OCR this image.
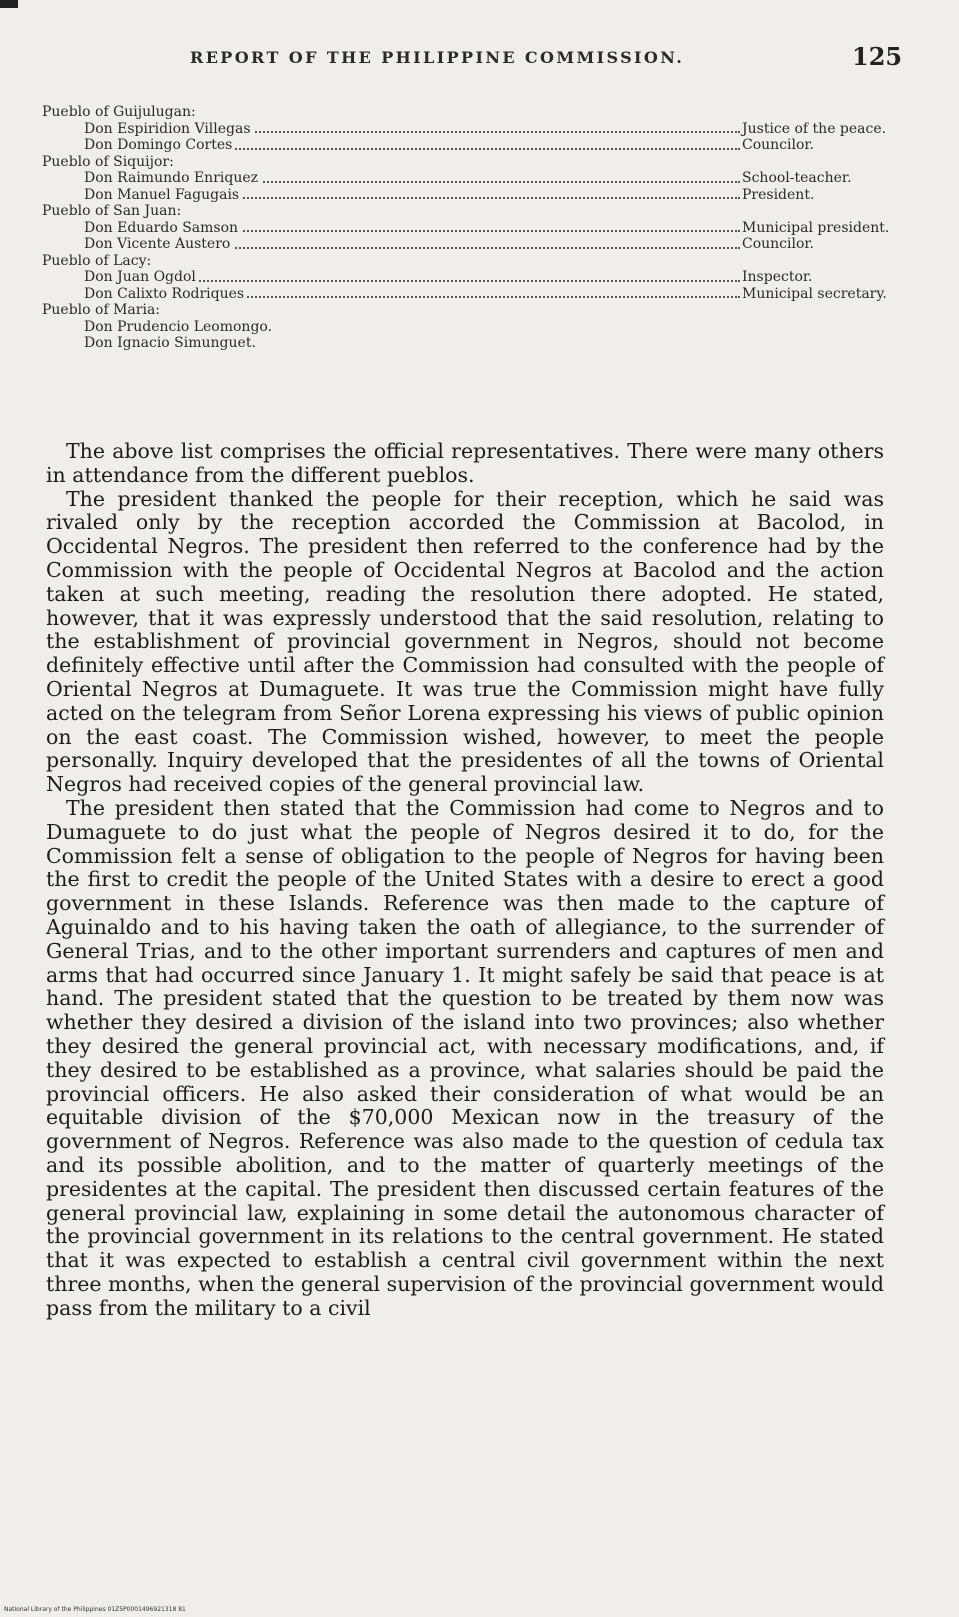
REPORT OF THE PHILIPPINE COMMISSION.	125
Pueblo of Guijulugan:
Don Espiridion Villegas	Justice of the peace.
Don Domingo Cortes	Councilor.
Pueblo of Siquijor:
Don Raimundo Enriquez	School-teacher.
Don Manuel Fagugais	President.
Pueblo of San Juan:
Don Eduardo Samson	Municipal president.
Don Vicente Austero	Councilor.
Pueblo of Lacy:
Don Juan Ogdol	Inspector.
Don Calixto Rodriques	Municipal secretary.
Pueblo of Maria:
Don Prudencio Leomongo.
Don Ignacio Simunguet.

The above list comprises the official representatives. There were many others in attendance from the different pueblos.

The president thanked the people for their reception, which he said was rivaled only by the reception accorded the Commission at Bacolod, in Occidental Negros. The president then referred to the conference had by the Commission with the people of Occidental Negros at Bacolod and the action taken at such meeting, reading the resolution there adopted. He stated, however, that it was expressly understood that the said resolution, relating to the establishment of provincial government in Negros, should not become definitely effective until after the Commission had consulted with the people of Oriental Negros at Dumaguete. It was true the Commission might have fully acted on the telegram from Señor Lorena expressing his views of public opinion on the east coast. The Commission wished, however, to meet the people personally. Inquiry developed that the presidentes of all the towns of Oriental Negros had received copies of the general provincial law.

The president then stated that the Commission had come to Negros and to Dumaguete to do just what the people of Negros desired it to do, for the Commission felt a sense of obligation to the people of Negros for having been the first to credit the people of the United States with a desire to erect a good government in these Islands. Reference was then made to the capture of Aguinaldo and to his having taken the oath of allegiance, to the surrender of General Trias, and to the other important surrenders and captures of men and arms that had occurred since January 1. It might safely be said that peace is at hand. The president stated that the question to be treated by them now was whether they desired a division of the island into two provinces; also whether they desired the general provincial act, with necessary modifications, and, if they desired to be established as a province, what salaries should be paid the provincial officers. He also asked their consideration of what would be an equitable division of the $70,000 Mexican now in the treasury of the government of Negros. Reference was also made to the question of cedula tax and its possible abolition, and to the matter of quarterly meetings of the presidentes at the capital. The president then discussed certain features of the general provincial law, explaining in some detail the autonomous character of the provincial government in its relations to the central government. He stated that it was expected to establish a central civil government within the next three months, when the general supervision of the provincial government would pass from the military to a civil

National Library of the Philippines 01Z5P0001496921318 81
